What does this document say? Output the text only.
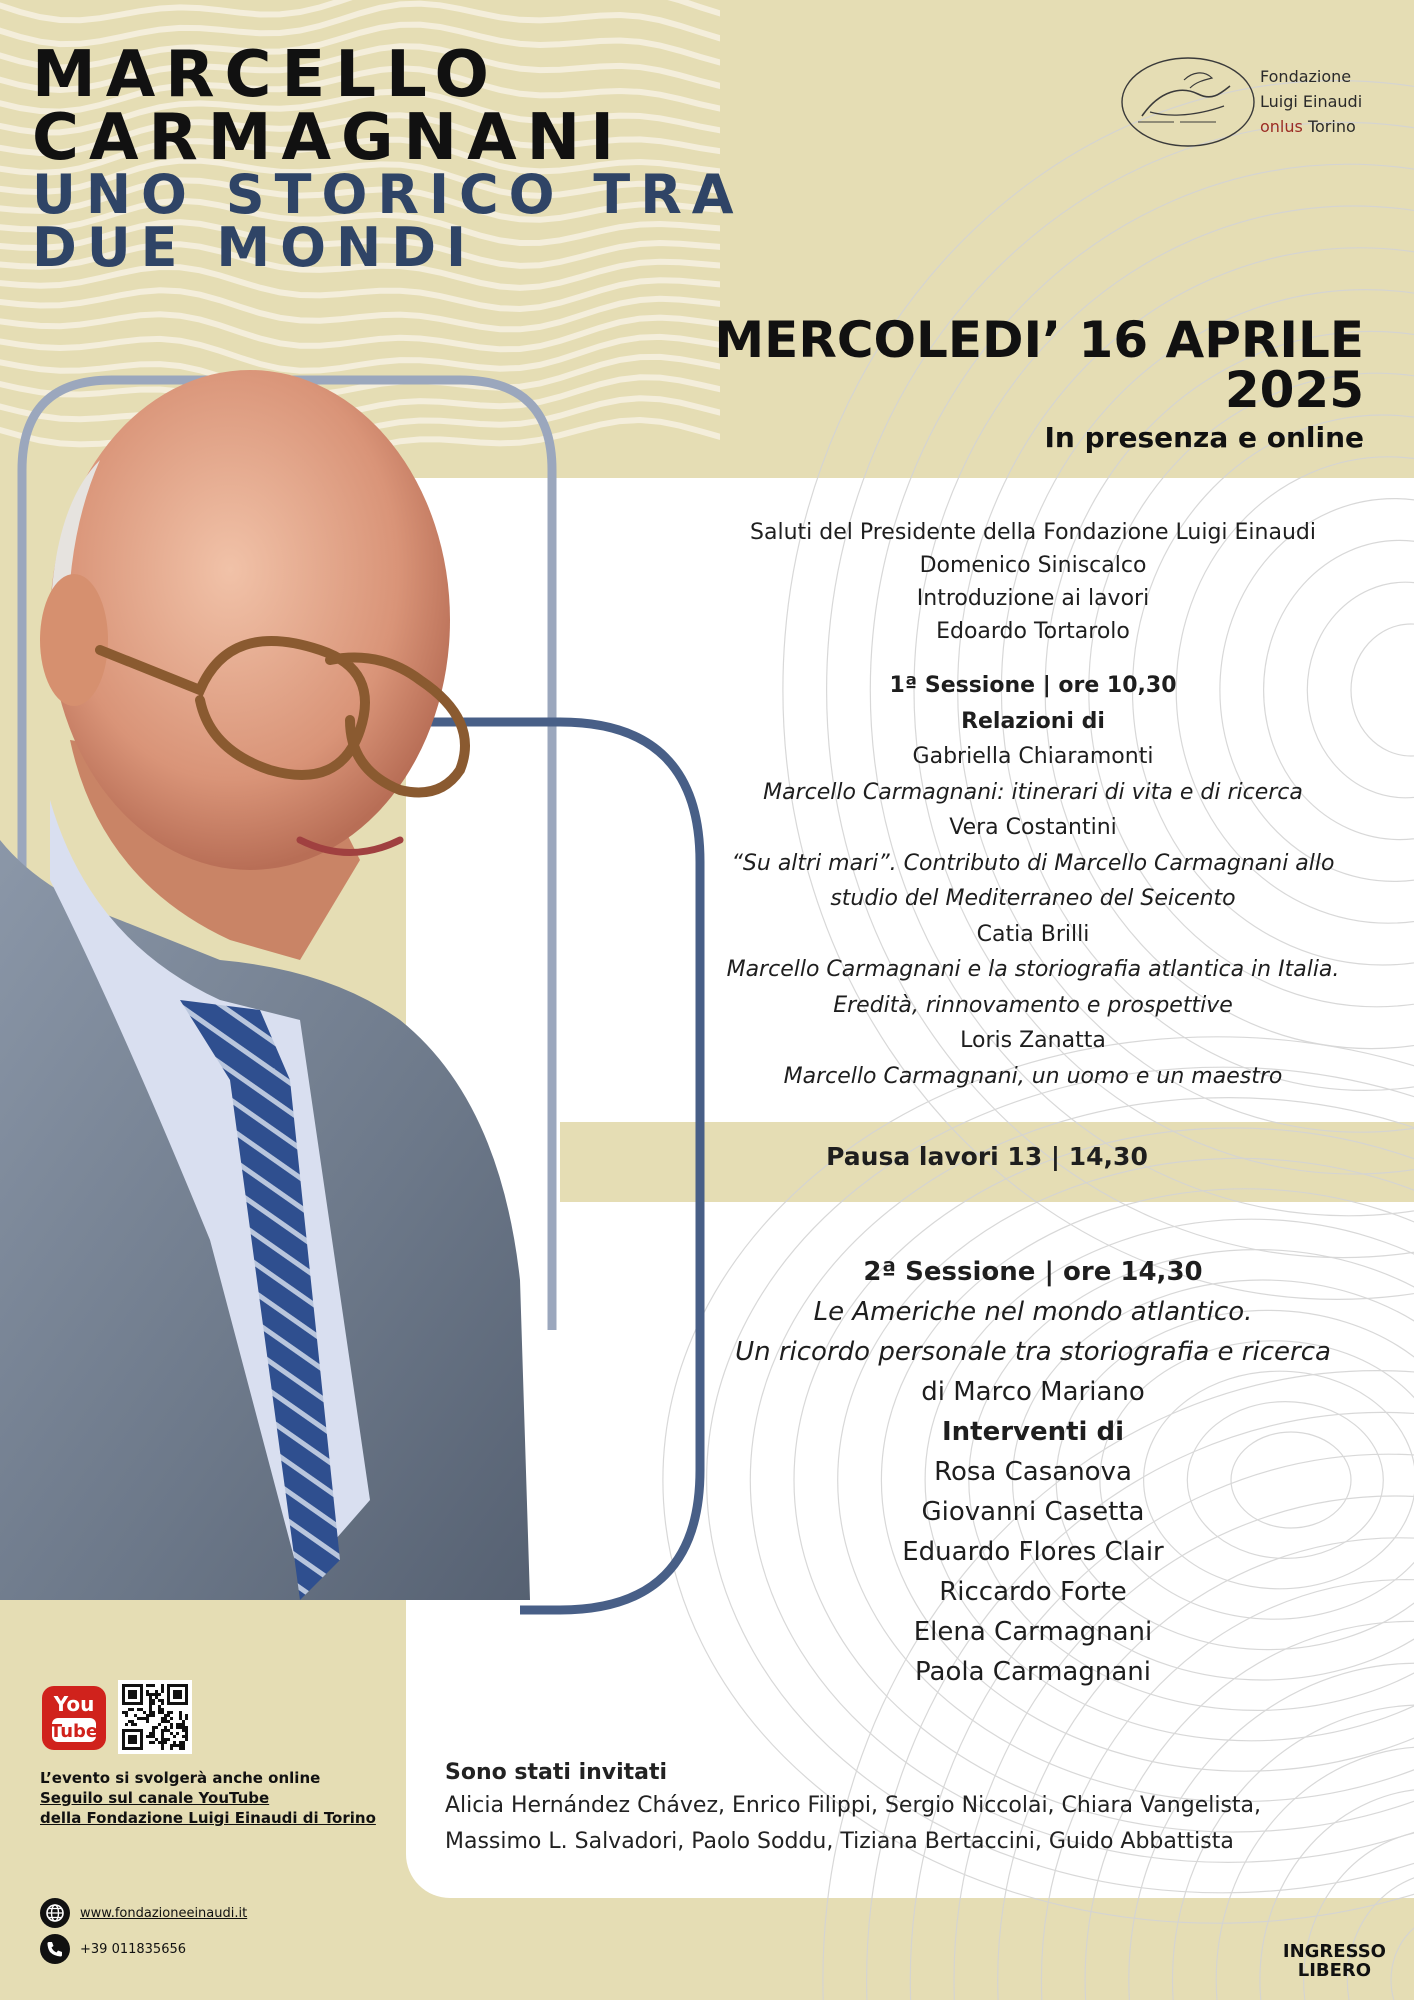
MARCELLO
CARMAGNANI
UNO STORICO TRA
DUE MONDI
Fondazione
Luigi Einaudi
onlus Torino
MERCOLEDI’ 16 APRILE
2025
In presenza e online
Saluti del Presidente della Fondazione Luigi Einaudi
Domenico Siniscalco
Introduzione ai lavori
Edoardo Tortarolo
1ª Sessione | ore 10,30
Relazioni di
Gabriella Chiaramonti
Marcello Carmagnani: itinerari di vita e di ricerca
Vera Costantini
“Su altri mari”. Contributo di Marcello Carmagnani allo
studio del Mediterraneo del Seicento
Catia Brilli
Marcello Carmagnani e la storiografia atlantica in Italia.
Eredità, rinnovamento e prospettive
Loris Zanatta
Marcello Carmagnani, un uomo e un maestro
Pausa lavori 13 | 14,30
2ª Sessione | ore 14,30
Le Americhe nel mondo atlantico.
Un ricordo personale tra storiografia e ricerca
di Marco Mariano
Interventi di
Rosa Casanova
Giovanni Casetta
Eduardo Flores Clair
Riccardo Forte
Elena Carmagnani
Paola Carmagnani
Sono stati invitati
Alicia Hernández Chávez, Enrico Filippi, Sergio Niccolai, Chiara Vangelista,
Massimo L. Salvadori, Paolo Soddu, Tiziana Bertaccini, Guido Abbattista
You
Tube
L’evento si svolgerà anche online
Seguilo sul canale YouTube
della Fondazione Luigi Einaudi di Torino
www.fondazioneeinaudi.it
+39 011835656	INGRESSO
LIBERO
